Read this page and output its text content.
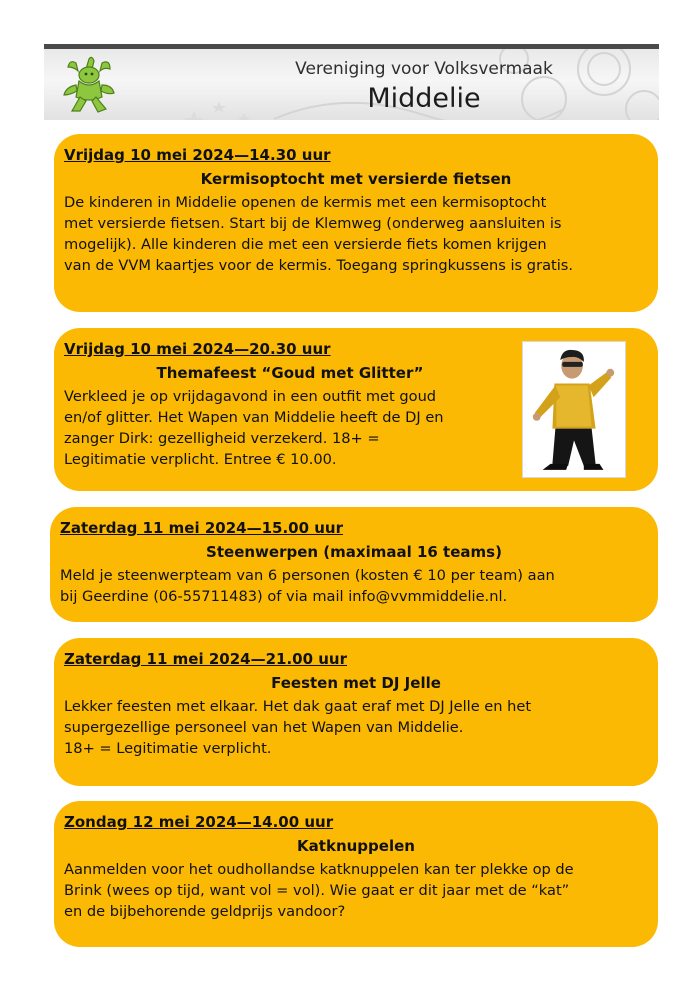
Vereniging voor Volksvermaak
Middelie
Vrijdag 10 mei 2024—14.30 uur
Kermisoptocht met versierde fietsen
De kinderen in Middelie openen de kermis met een kermisoptocht
met versierde fietsen. Start bij de Klemweg (onderweg aansluiten is
mogelijk). Alle kinderen die met een versierde fiets komen krijgen
van de VVM kaartjes voor de kermis. Toegang springkussens is gratis.
Vrijdag 10 mei 2024—20.30 uur
Themafeest “Goud met Glitter”
Verkleed je op vrijdagavond in een outfit met goud
en/of glitter. Het Wapen van Middelie heeft de DJ en
zanger Dirk: gezelligheid verzekerd. 18+ =
Legitimatie verplicht. Entree € 10.00.
Zaterdag 11 mei 2024—15.00 uur
Steenwerpen (maximaal 16 teams)
Meld je steenwerpteam van 6 personen (kosten € 10 per team) aan
bij Geerdine (06-55711483) of via mail info@vvmmiddelie.nl.
Zaterdag 11 mei 2024—21.00 uur
Feesten met DJ Jelle
Lekker feesten met elkaar. Het dak gaat eraf met DJ Jelle en het
supergezellige personeel van het Wapen van Middelie.
18+ = Legitimatie verplicht.
Zondag 12 mei 2024—14.00 uur
Katknuppelen
Aanmelden voor het oudhollandse katknuppelen kan ter plekke op de
Brink (wees op tijd, want vol = vol). Wie gaat er dit jaar met de “kat”
en de bijbehorende geldprijs vandoor?
